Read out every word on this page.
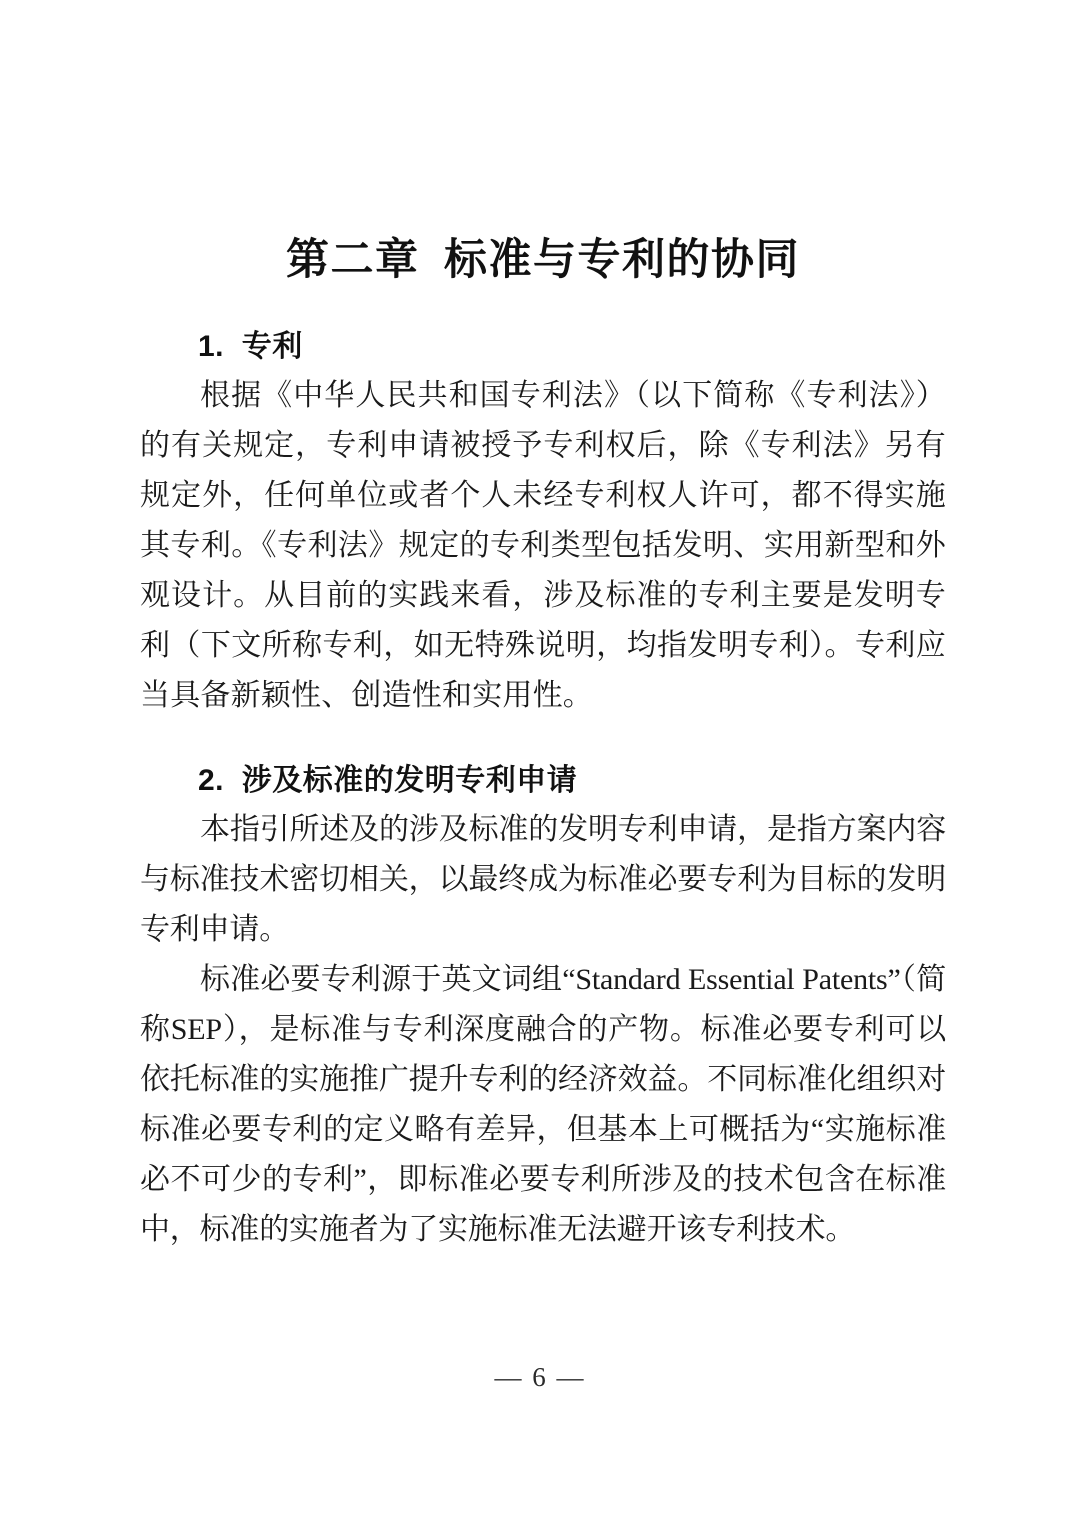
第二章  标准与专利的协同
1.  专利

根据《中华人民共和国专利法》（以下简称《专利法》）的有关规定，专利申请被授予专利权后，除《专利法》另有规定外，任何单位或者个人未经专利权人许可，都不得实施其专利。《专利法》规定的专利类型包括发明、实用新型和外观设计。从目前的实践来看，涉及标准的专利主要是发明专利（下文所称专利，如无特殊说明，均指发明专利）。专利应当具备新颖性、创造性和实用性。

2.  涉及标准的发明专利申请

本指引所述及的涉及标准的发明专利申请，是指方案内容与标准技术密切相关，以最终成为标准必要专利为目标的发明专利申请。

标准必要专利源于英文词组“Standard Essential Patents”（简称SEP），是标准与专利深度融合的产物。标准必要专利可以依托标准的实施推广提升专利的经济效益。不同标准化组织对标准必要专利的定义略有差异，但基本上可概括为“实施标准必不可少的专利”，即标准必要专利所涉及的技术包含在标准中，标准的实施者为了实施标准无法避开该专利技术。

— 6 —
